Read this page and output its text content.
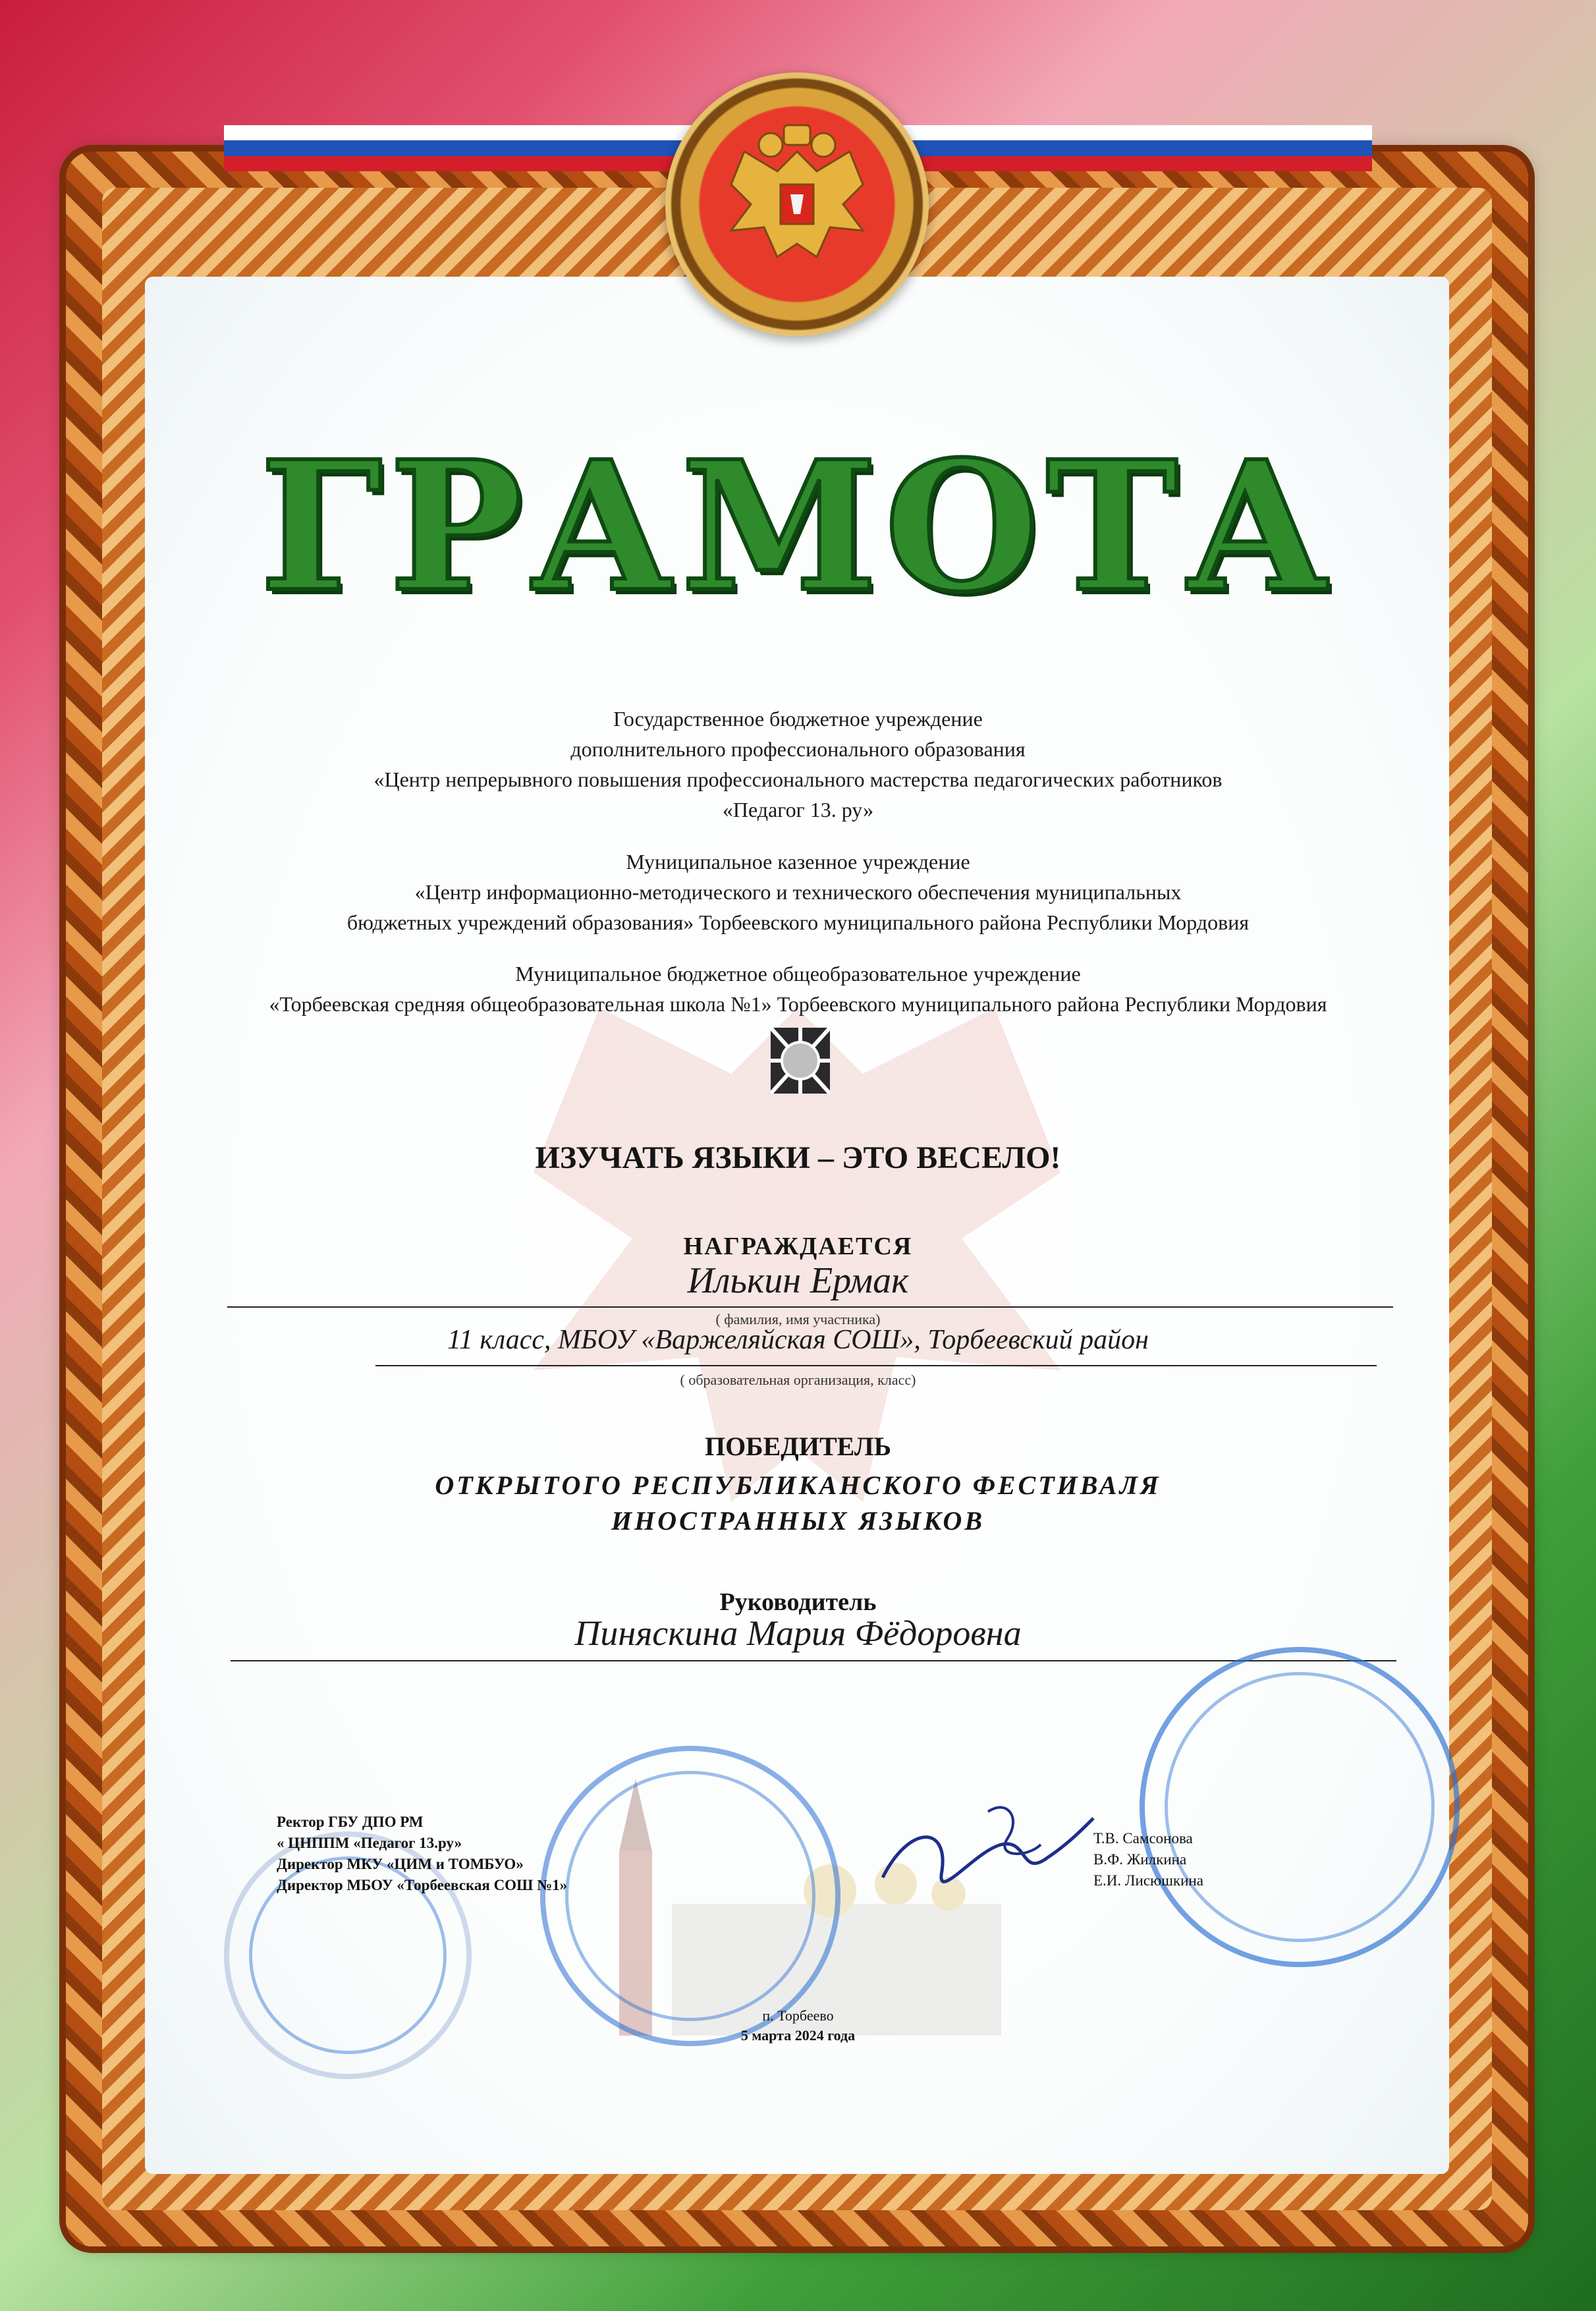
ГРАМОТА
Государственное бюджетное учреждение
дополнительного профессионального образования
«Центр непрерывного повышения профессионального мастерства педагогических работников
«Педагог 13. ру»
Муниципальное казенное учреждение
«Центр информационно-методического и технического обеспечения муниципальных
бюджетных учреждений образования» Торбеевского муниципального района Республики Мордовия
Муниципальное бюджетное общеобразовательное учреждение
«Торбеевская средняя общеобразовательная школа №1» Торбеевского муниципального района Республики Мордовия
ИЗУЧАТЬ ЯЗЫКИ – ЭТО ВЕСЕЛО!
НАГРАЖДАЕТСЯ
Илькин Ермак
( фамилия, имя участника)
11 класс, МБОУ «Варжеляйская СОШ», Торбеевский район
( образовательная организация, класс)
ПОБЕДИТЕЛЬ
ОТКРЫТОГО РЕСПУБЛИКАНСКОГО ФЕСТИВАЛЯ
ИНОСТРАННЫХ ЯЗЫКОВ
Руководитель
Пиняскина Мария Фёдоровна
Ректор ГБУ ДПО РМ
« ЦНППМ «Педагог 13.ру»
Директор МКУ «ЦИМ и ТОМБУО»
Директор МБОУ «Торбеевская СОШ №1»
Т.В. Самсонова
В.Ф. Жилкина
Е.И. Лисюшкина
п. Торбеево
5 марта 2024 года
